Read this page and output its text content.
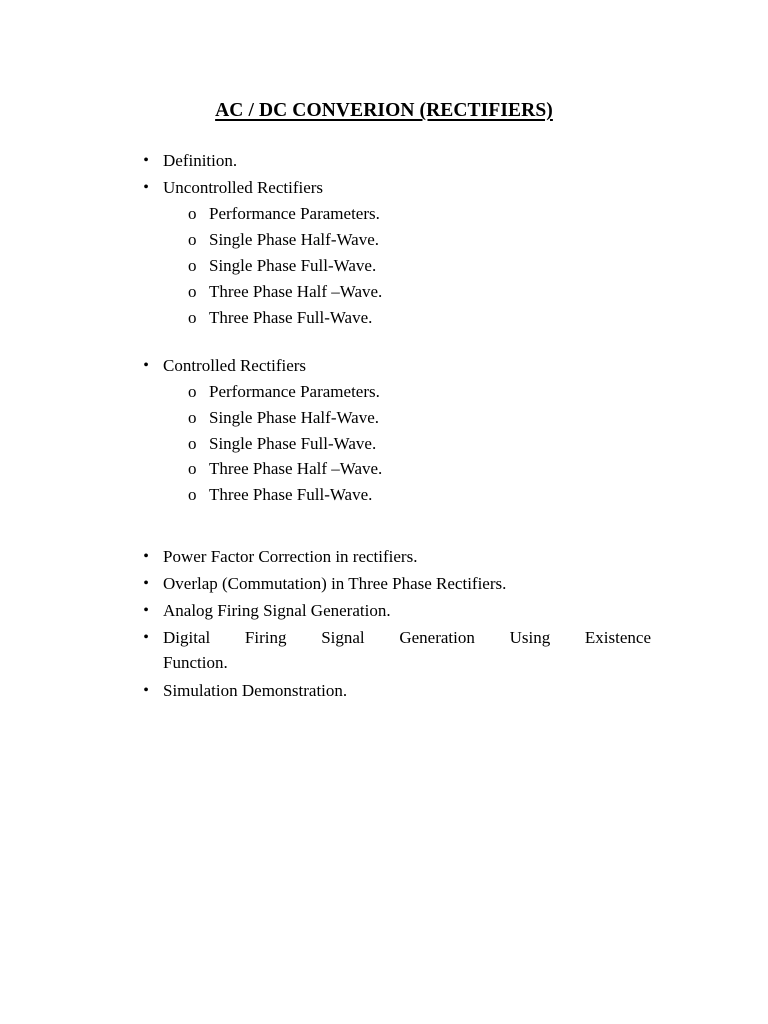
AC / DC CONVERION (RECTIFIERS)
• Definition.
• Uncontrolled Rectifiers
o Performance Parameters.
o Single Phase Half-Wave.
o Single Phase Full-Wave.
o Three Phase Half –Wave.
o Three Phase Full-Wave.
• Controlled Rectifiers
o Performance Parameters.
o Single Phase Half-Wave.
o Single Phase Full-Wave.
o Three Phase Half –Wave.
o Three Phase Full-Wave.
• Power Factor Correction in rectifiers.
• Overlap (Commutation) in Three Phase Rectifiers.
• Analog Firing Signal Generation.
• Digital Firing Signal Generation Using Existence
Function.
• Simulation Demonstration.
